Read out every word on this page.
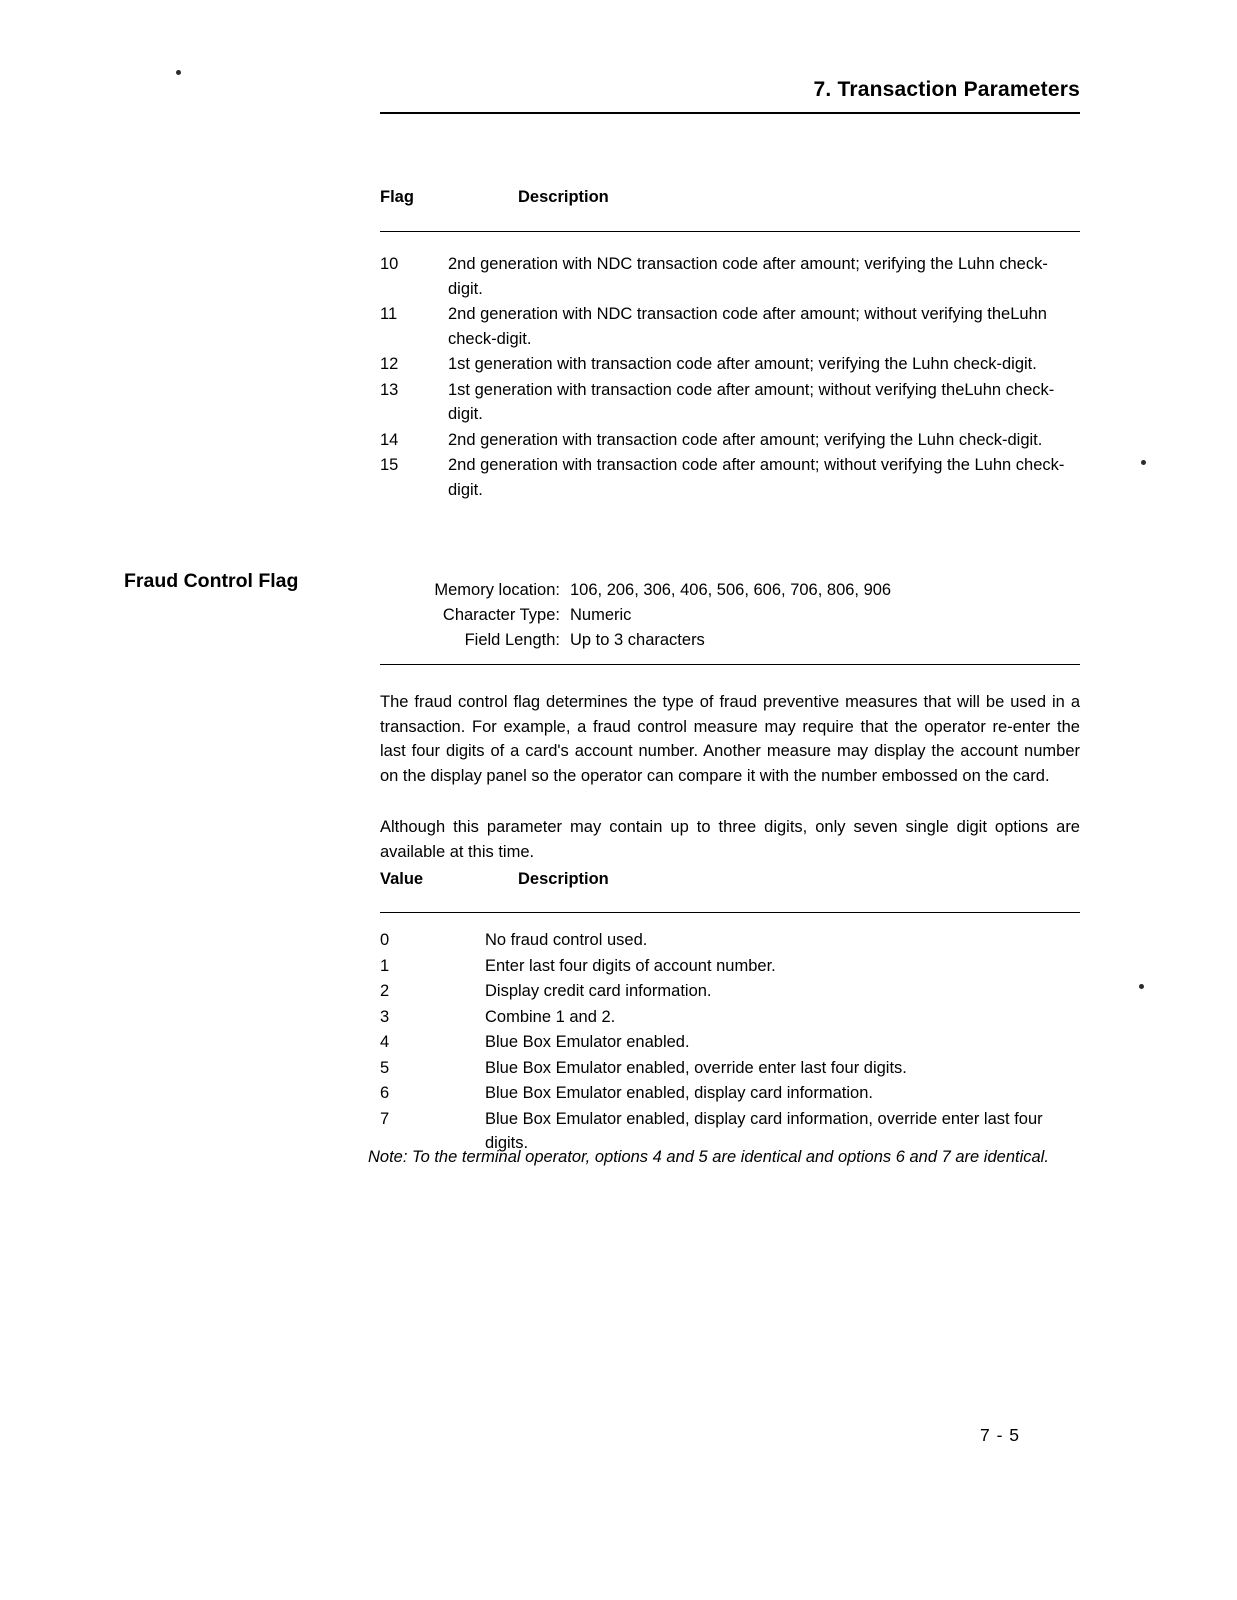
7. Transaction Parameters
Flag	Description
10	2nd generation with NDC transaction code after amount; verifying the Luhn check-digit.
11	2nd generation with NDC transaction code after amount; without verifying theLuhn check-digit.
12	1st generation with transaction code after amount; verifying the Luhn check-digit.
13	1st generation with transaction code after amount; without verifying theLuhn check-digit.
14	2nd generation with transaction code after amount; verifying the Luhn check-digit.
15	2nd generation with transaction code after amount; without verifying the Luhn check-digit.
Fraud Control Flag	Memory location: 106, 206, 306, 406, 506, 606, 706, 806, 906
Character Type: Numeric
Field Length: Up to 3 characters
The fraud control flag determines the type of fraud preventive measures that will be used in a transaction. For example, a fraud control measure may require that the operator re-enter the last four digits of a card's account number. Another measure may display the account number on the display panel so the operator can compare it with the number embossed on the card.
Although this parameter may contain up to three digits, only seven single digit options are available at this time.
Value	Description
0	No fraud control used.
1	Enter last four digits of account number.
2	Display credit card information.
3	Combine 1 and 2.
4	Blue Box Emulator enabled.
5	Blue Box Emulator enabled, override enter last four digits.
6	Blue Box Emulator enabled, display card information.
7	Blue Box Emulator enabled, display card information, override enter last four digits.
Note: To the terminal operator, options 4 and 5 are identical and options 6 and 7 are identical.
7 - 5
